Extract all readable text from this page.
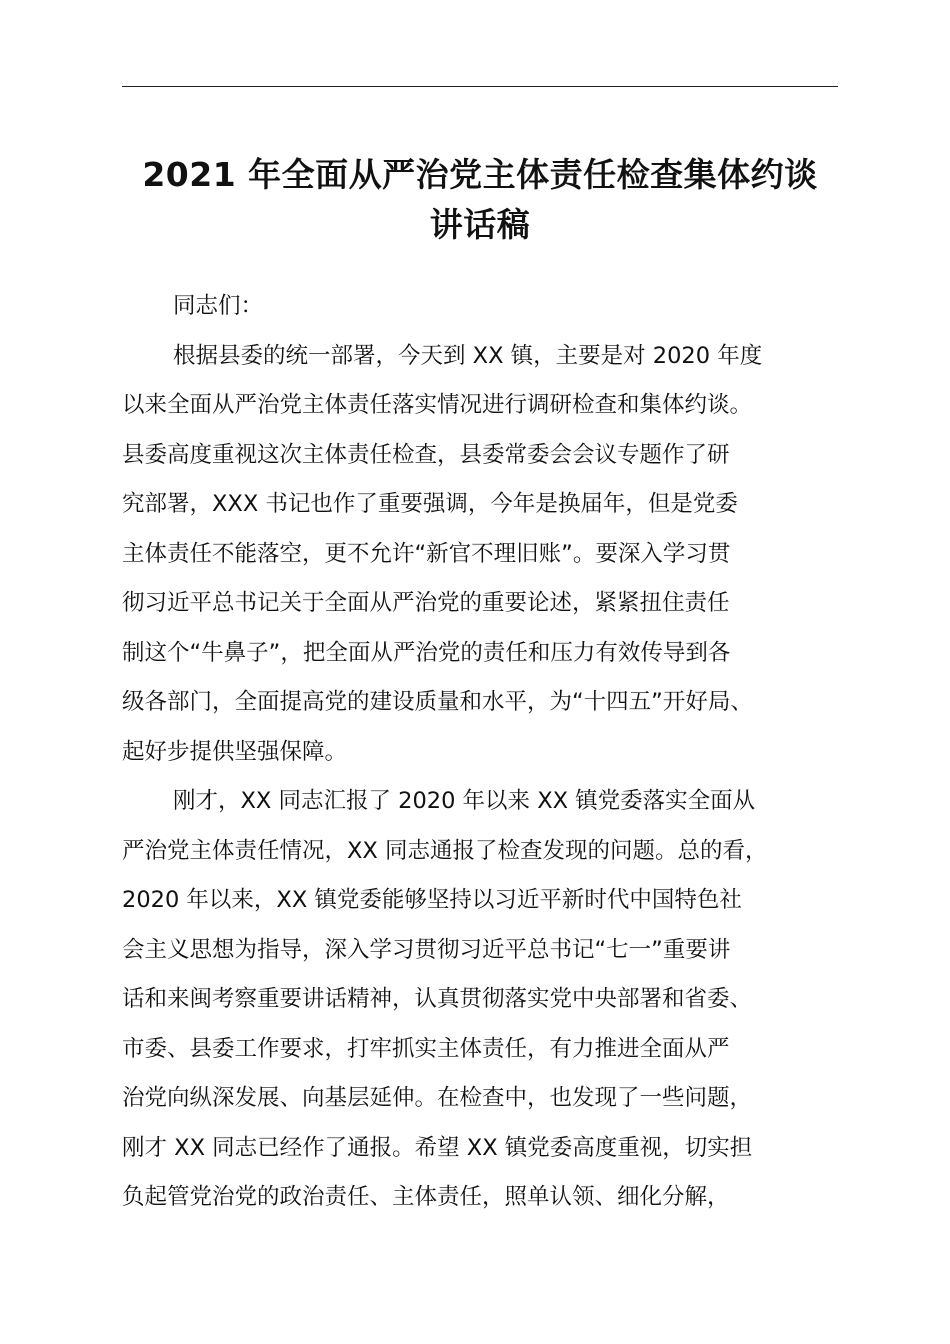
2021 年全面从严治党主体责任检查集体约谈
讲话稿
同志们：
根据县委的统一部署，今天到 XX 镇，主要是对 2020 年度
以来全面从严治党主体责任落实情况进行调研检查和集体约谈。
县委高度重视这次主体责任检查，县委常委会会议专题作了研
究部署，XXX 书记也作了重要强调，今年是换届年，但是党委
主体责任不能落空，更不允许“新官不理旧账”。要深入学习贯
彻习近平总书记关于全面从严治党的重要论述，紧紧扭住责任
制这个“牛鼻子”，把全面从严治党的责任和压力有效传导到各
级各部门，全面提高党的建设质量和水平，为“十四五”开好局、
起好步提供坚强保障。
刚才，XX 同志汇报了 2020 年以来 XX 镇党委落实全面从
严治党主体责任情况，XX 同志通报了检查发现的问题。总的看，
2020 年以来，XX 镇党委能够坚持以习近平新时代中国特色社
会主义思想为指导，深入学习贯彻习近平总书记“七一”重要讲
话和来闽考察重要讲话精神，认真贯彻落实党中央部署和省委、
市委、县委工作要求，打牢抓实主体责任，有力推进全面从严
治党向纵深发展、向基层延伸。在检查中，也发现了一些问题，
刚才 XX 同志已经作了通报。希望 XX 镇党委高度重视，切实担
负起管党治党的政治责任、主体责任，照单认领、细化分解，
